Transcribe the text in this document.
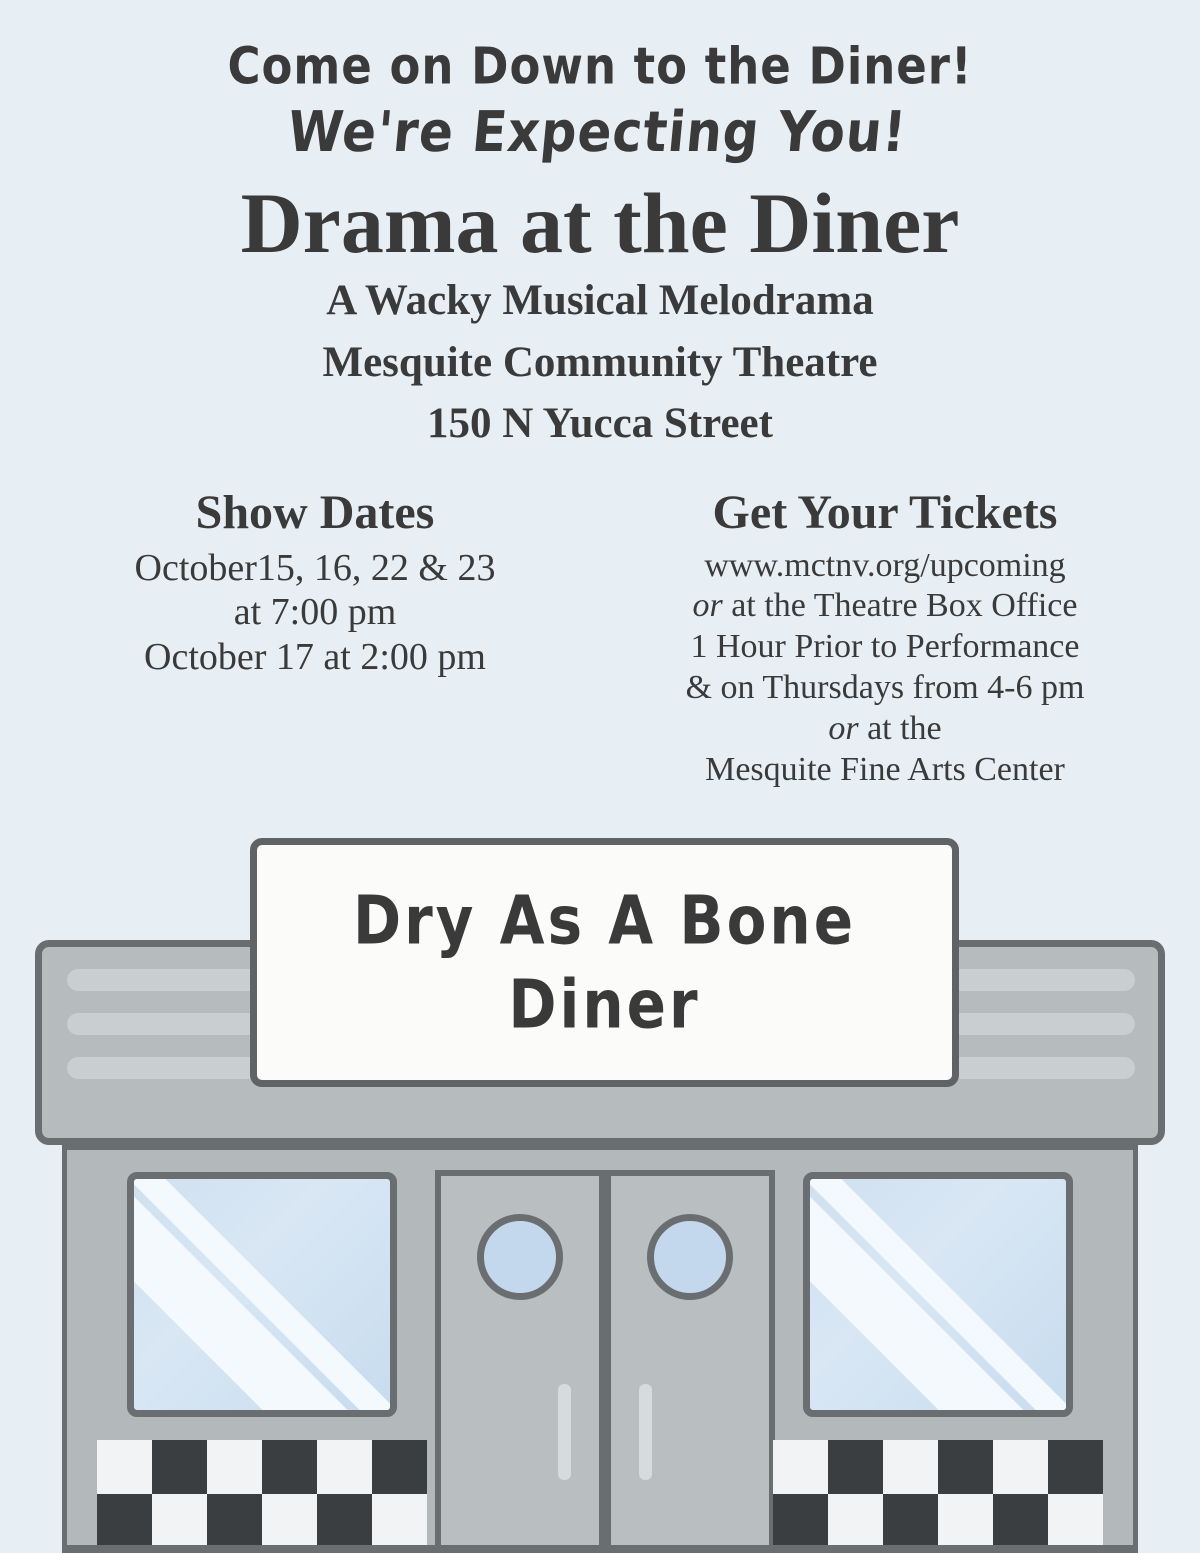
Come on Down to the Diner!
We're Expecting You!
Drama at the Diner
A Wacky Musical Melodrama
Mesquite Community Theatre
150 N Yucca Street
Show Dates

October15, 16, 22 & 23

at 7:00 pm

October 17 at 2:00 pm

Get Your Tickets

www.mctnv.org/upcoming

or at the Theatre Box Office

1 Hour Prior to Performance

& on Thursdays from 4-6 pm

or at the

Mesquite Fine Arts Center

Dry As A Bone
Diner
